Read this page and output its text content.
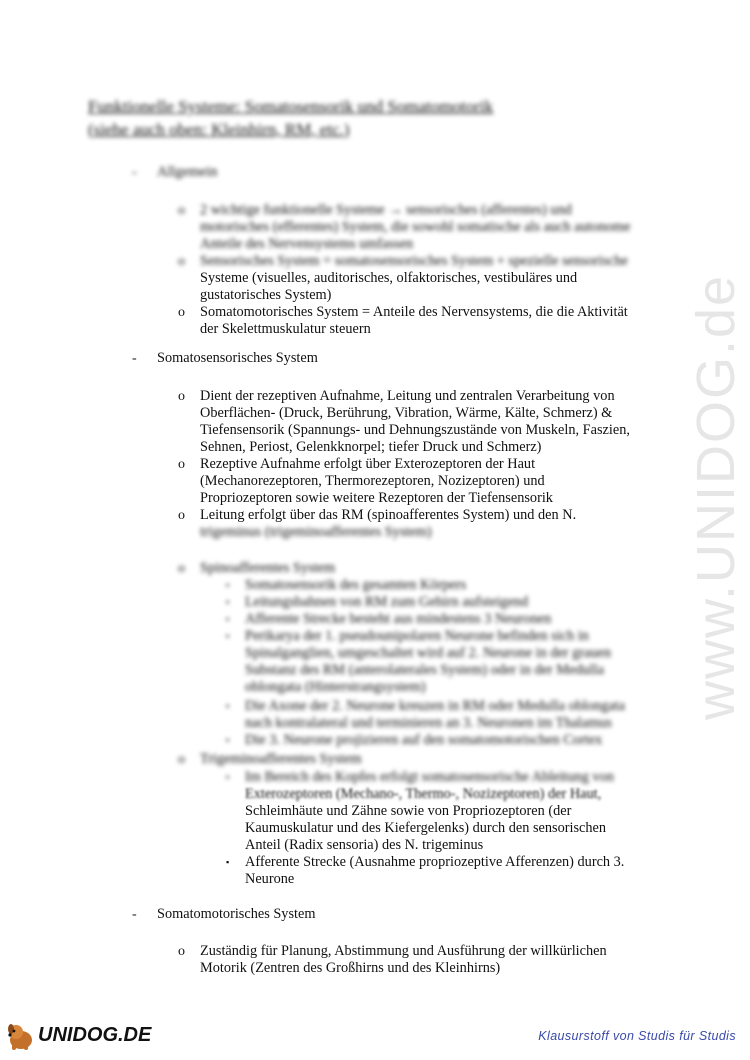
Funktionelle Systeme: Somatosensorik und Somatomotorik
(siehe auch oben: Kleinhirn, RM, etc.)
- Allgemein
o 2 wichtige funktionelle Systeme → sensorisches (afferentes) und
motorisches (efferentes) System, die sowohl somatische als auch autonome
Anteile des Nervensystems umfassen
o Sensorisches System = somatosensorisches System + spezielle sensorische
Systeme (visuelles, auditorisches, olfaktorisches, vestibuläres und
gustatorisches System)
o Somatomotorisches System = Anteile des Nervensystems, die die Aktivität
der Skelettmuskulatur steuern
- Somatosensorisches System
o Dient der rezeptiven Aufnahme, Leitung und zentralen Verarbeitung von
Oberflächen- (Druck, Berührung, Vibration, Wärme, Kälte, Schmerz) &
Tiefensensorik (Spannungs- und Dehnungszustände von Muskeln, Faszien,
Sehnen, Periost, Gelenkknorpel; tiefer Druck und Schmerz)
o Rezeptive Aufnahme erfolgt über Exterozeptoren der Haut
(Mechanorezeptoren, Thermorezeptoren, Nozizeptoren) und
Propriozeptoren sowie weitere Rezeptoren der Tiefensensorik
o Leitung erfolgt über das RM (spinoafferentes System) und den N.
trigeminus (trigeminoafferentes System)
o Spinoafferentes System
▪ Somatosensorik des gesamten Körpers
▪ Leitungsbahnen von RM zum Gehirn aufsteigend
▪ Afferente Strecke besteht aus mindestens 3 Neuronen
▪ Perikarya der 1. pseudounipolaren Neurone befinden sich in
Spinalganglien, umgeschaltet wird auf 2. Neurone in der grauen
Substanz des RM (anterolaterales System) oder in der Medulla
oblongata (Hinterstrangsystem)
▪ Die Axone der 2. Neurone kreuzen in RM oder Medulla oblongata
nach kontralateral und terminieren an 3. Neuronen im Thalamus
▪ Die 3. Neurone projizieren auf den somatomotorischen Cortex
o Trigeminoafferentes System
▪ Im Bereich des Kopfes erfolgt somatosensorische Ableitung von
Exterozeptoren (Mechano-, Thermo-, Nozizeptoren) der Haut,
Schleimhäute und Zähne sowie von Propriozeptoren (der
Kaumuskulatur und des Kiefergelenks) durch den sensorischen
Anteil (Radix sensoria) des N. trigeminus
▪ Afferente Strecke (Ausnahme propriozeptive Afferenzen) durch 3.
Neurone
- Somatomotorisches System
o Zuständig für Planung, Abstimmung und Ausführung der willkürlichen
Motorik (Zentren des Großhirns und des Kleinhirns)
www.UNIDOG.de
UNIDOG.DE	Klausurstoff von Studis für Studis
